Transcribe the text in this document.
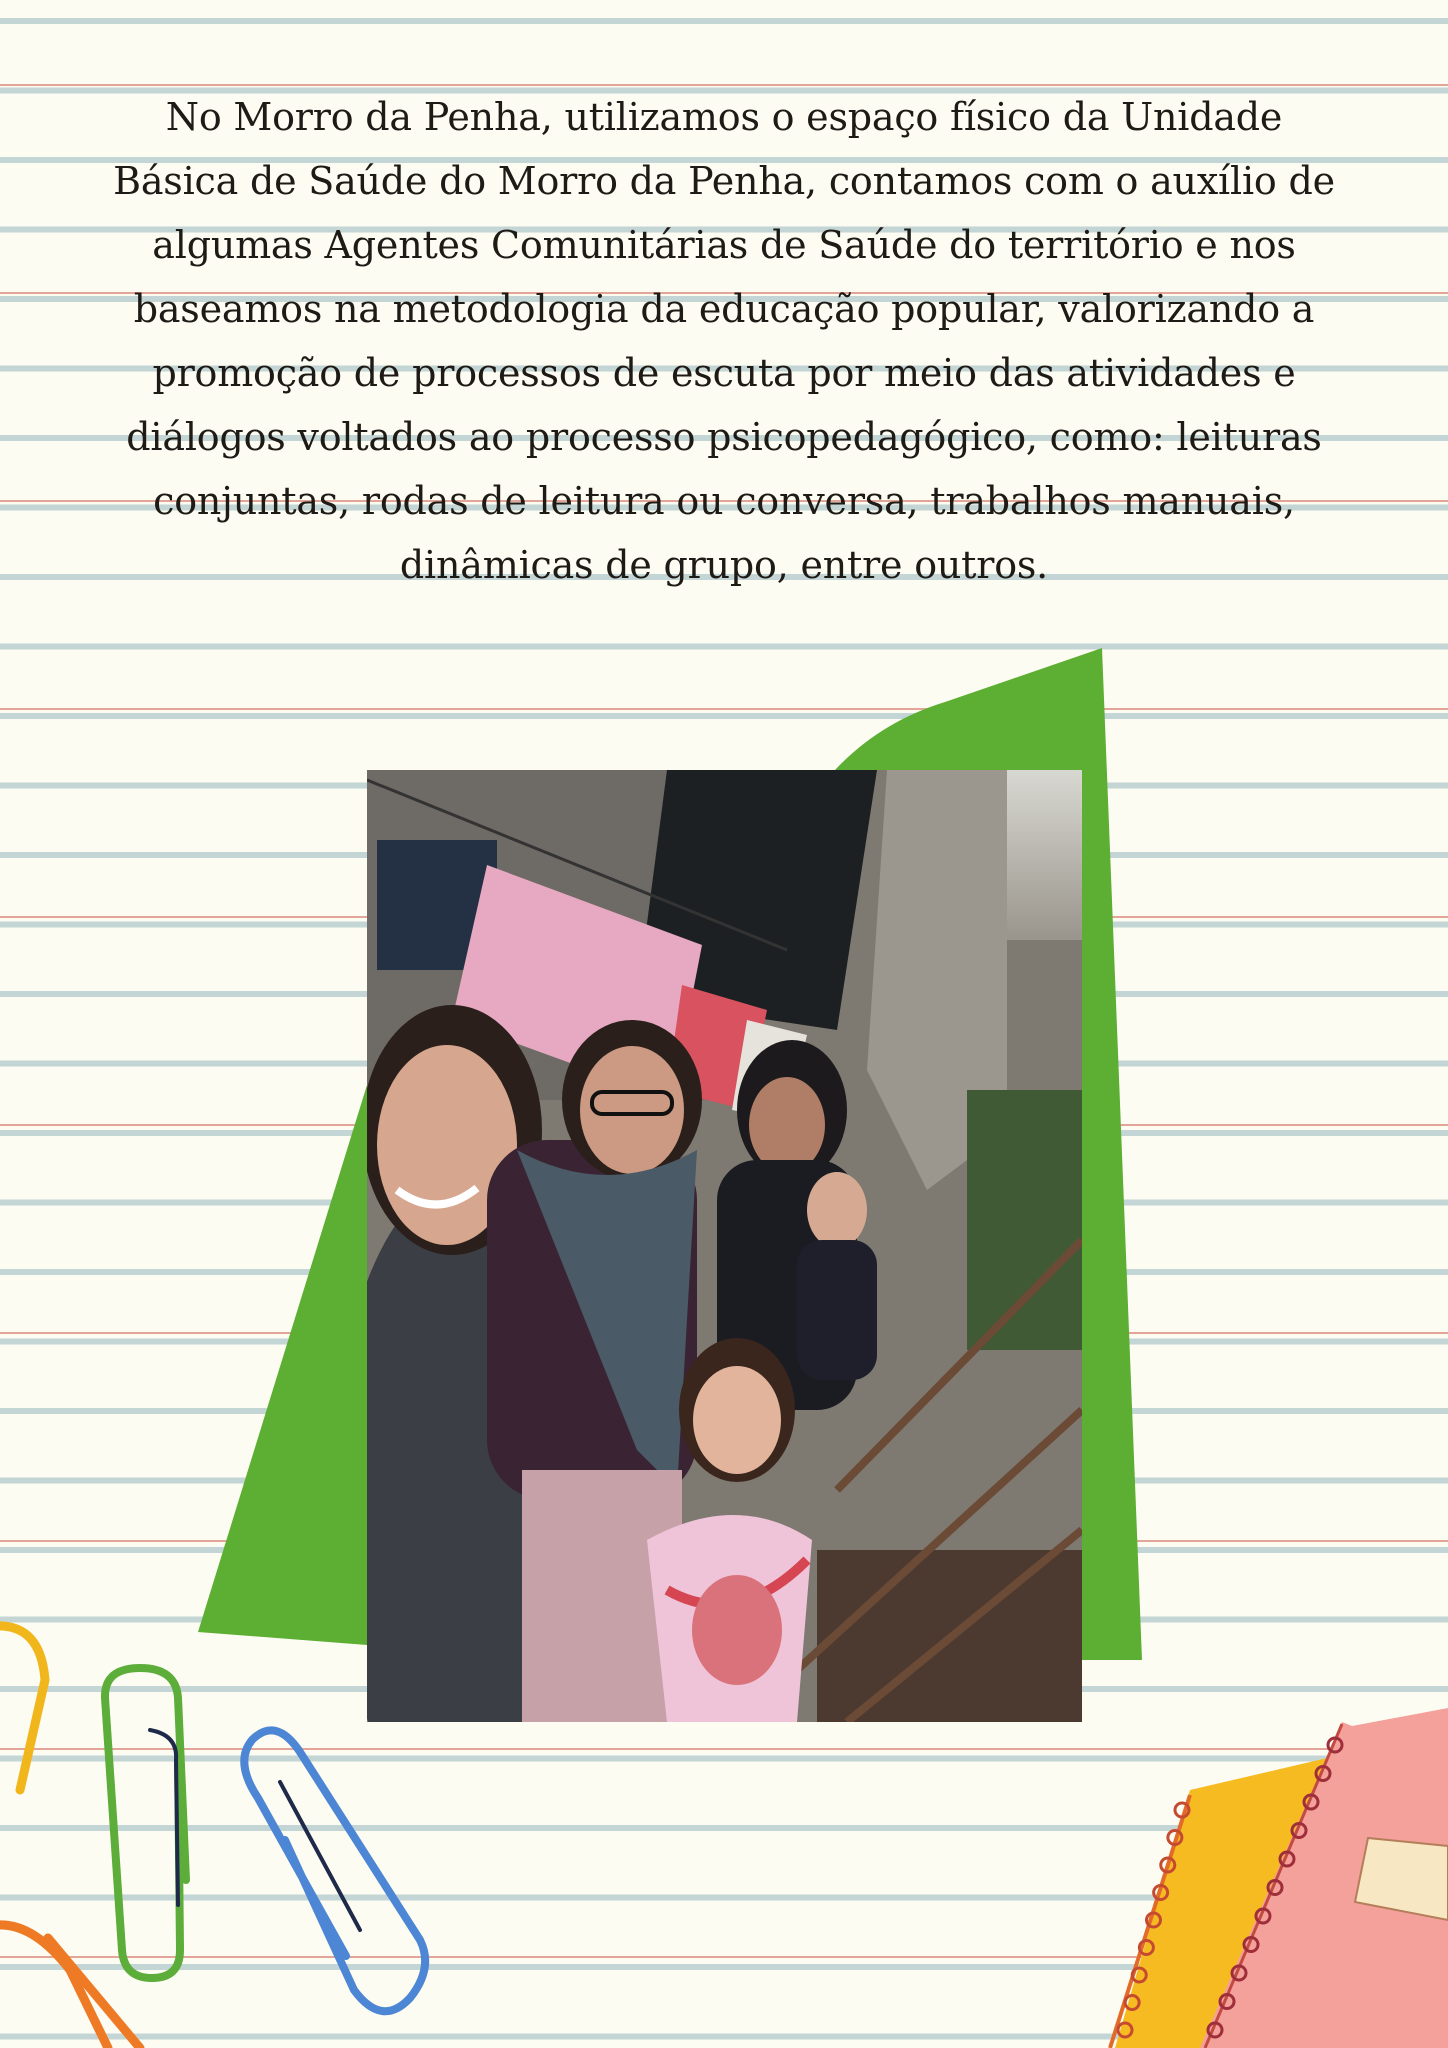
No Morro da Penha, utilizamos o espaço físico da Unidade
Básica de Saúde do Morro da Penha, contamos com o auxílio de
algumas Agentes Comunitárias de Saúde do território e nos
baseamos na metodologia da educação popular, valorizando a
promoção de processos de escuta por meio das atividades e
diálogos voltados ao processo psicopedagógico, como: leituras
conjuntas, rodas de leitura ou conversa, trabalhos manuais,
dinâmicas de grupo, entre outros.
